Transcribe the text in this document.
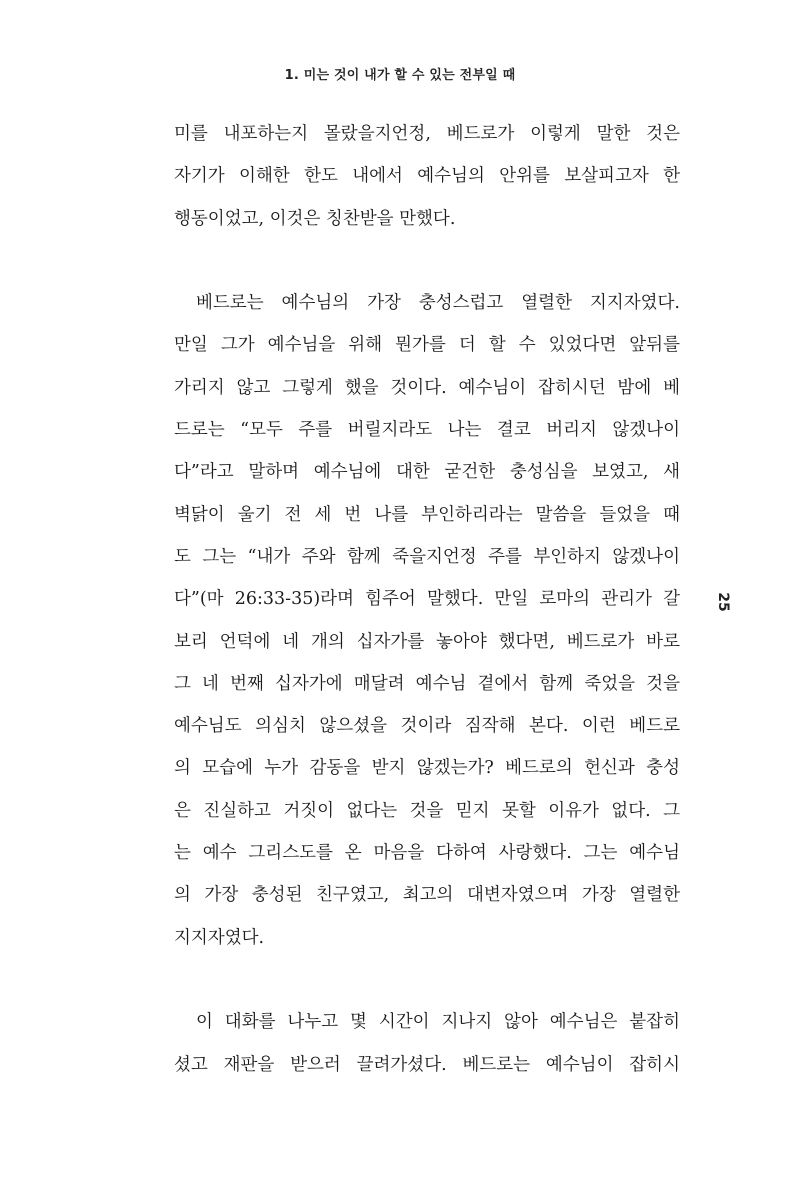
1. 미는 것이 내가 할 수 있는 전부일 때
25
미를 내포하는지 몰랐을지언정, 베드로가 이렇게 말한 것은
자기가 이해한 한도 내에서 예수님의 안위를 보살피고자 한
행동이었고, 이것은 칭찬받을 만했다.
베드로는 예수님의 가장 충성스럽고 열렬한 지지자였다.
만일 그가 예수님을 위해 뭔가를 더 할 수 있었다면 앞뒤를
가리지 않고 그렇게 했을 것이다. 예수님이 잡히시던 밤에 베
드로는 “모두 주를 버릴지라도 나는 결코 버리지 않겠나이
다”라고 말하며 예수님에 대한 굳건한 충성심을 보였고, 새
벽닭이 울기 전 세 번 나를 부인하리라는 말씀을 들었을 때
도 그는 “내가 주와 함께 죽을지언정 주를 부인하지 않겠나이
다”(마 26:33-35)라며 힘주어 말했다. 만일 로마의 관리가 갈
보리 언덕에 네 개의 십자가를 놓아야 했다면, 베드로가 바로
그 네 번째 십자가에 매달려 예수님 곁에서 함께 죽었을 것을
예수님도 의심치 않으셨을 것이라 짐작해 본다. 이런 베드로
의 모습에 누가 감동을 받지 않겠는가? 베드로의 헌신과 충성
은 진실하고 거짓이 없다는 것을 믿지 못할 이유가 없다. 그
는 예수 그리스도를 온 마음을 다하여 사랑했다. 그는 예수님
의 가장 충성된 친구였고, 최고의 대변자였으며 가장 열렬한
지지자였다.
이 대화를 나누고 몇 시간이 지나지 않아 예수님은 붙잡히
셨고 재판을 받으러 끌려가셨다. 베드로는 예수님이 잡히시
